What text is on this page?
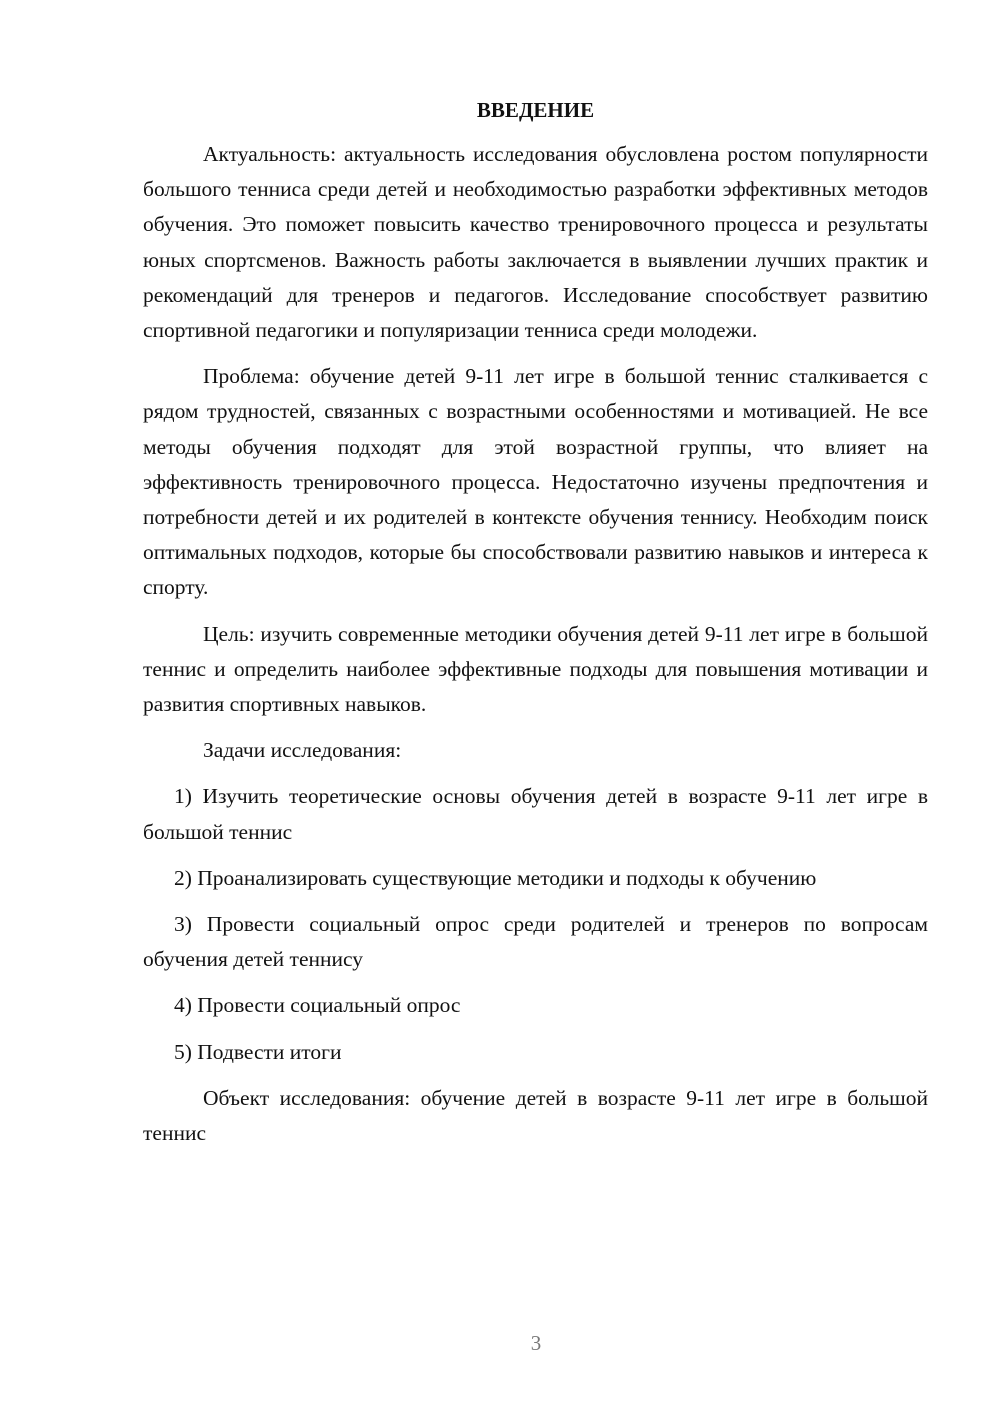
ВВЕДЕНИЕ

Актуальность: актуальность исследования обусловлена ростом популярности большого тенниса среди детей и необходимостью разработки эффективных методов обучения. Это поможет повысить качество тренировочного процесса и результаты юных спортсменов. Важность работы заключается в выявлении лучших практик и рекомендаций для тренеров и педагогов. Исследование способствует развитию спортивной педагогики и популяризации тенниса среди молодежи.

Проблема: обучение детей 9-11 лет игре в большой теннис сталкивается с рядом трудностей, связанных с возрастными особенностями и мотивацией. Не все методы обучения подходят для этой возрастной группы, что влияет на эффективность тренировочного процесса. Недостаточно изучены предпочтения и потребности детей и их родителей в контексте обучения теннису. Необходим поиск оптимальных подходов, которые бы способствовали развитию навыков и интереса к спорту.

Цель: изучить современные методики обучения детей 9-11 лет игре в большой теннис и определить наиболее эффективные подходы для повышения мотивации и развития спортивных навыков.

Задачи исследования:

1) Изучить теоретические основы обучения детей в возрасте 9-11 лет игре в большой теннис

2) Проанализировать существующие методики и подходы к обучению

3) Провести социальный опрос среди родителей и тренеров по вопросам обучения детей теннису

4) Провести социальный опрос

5) Подвести итоги

Объект исследования: обучение детей в возрасте 9-11 лет игре в большой теннис

3
